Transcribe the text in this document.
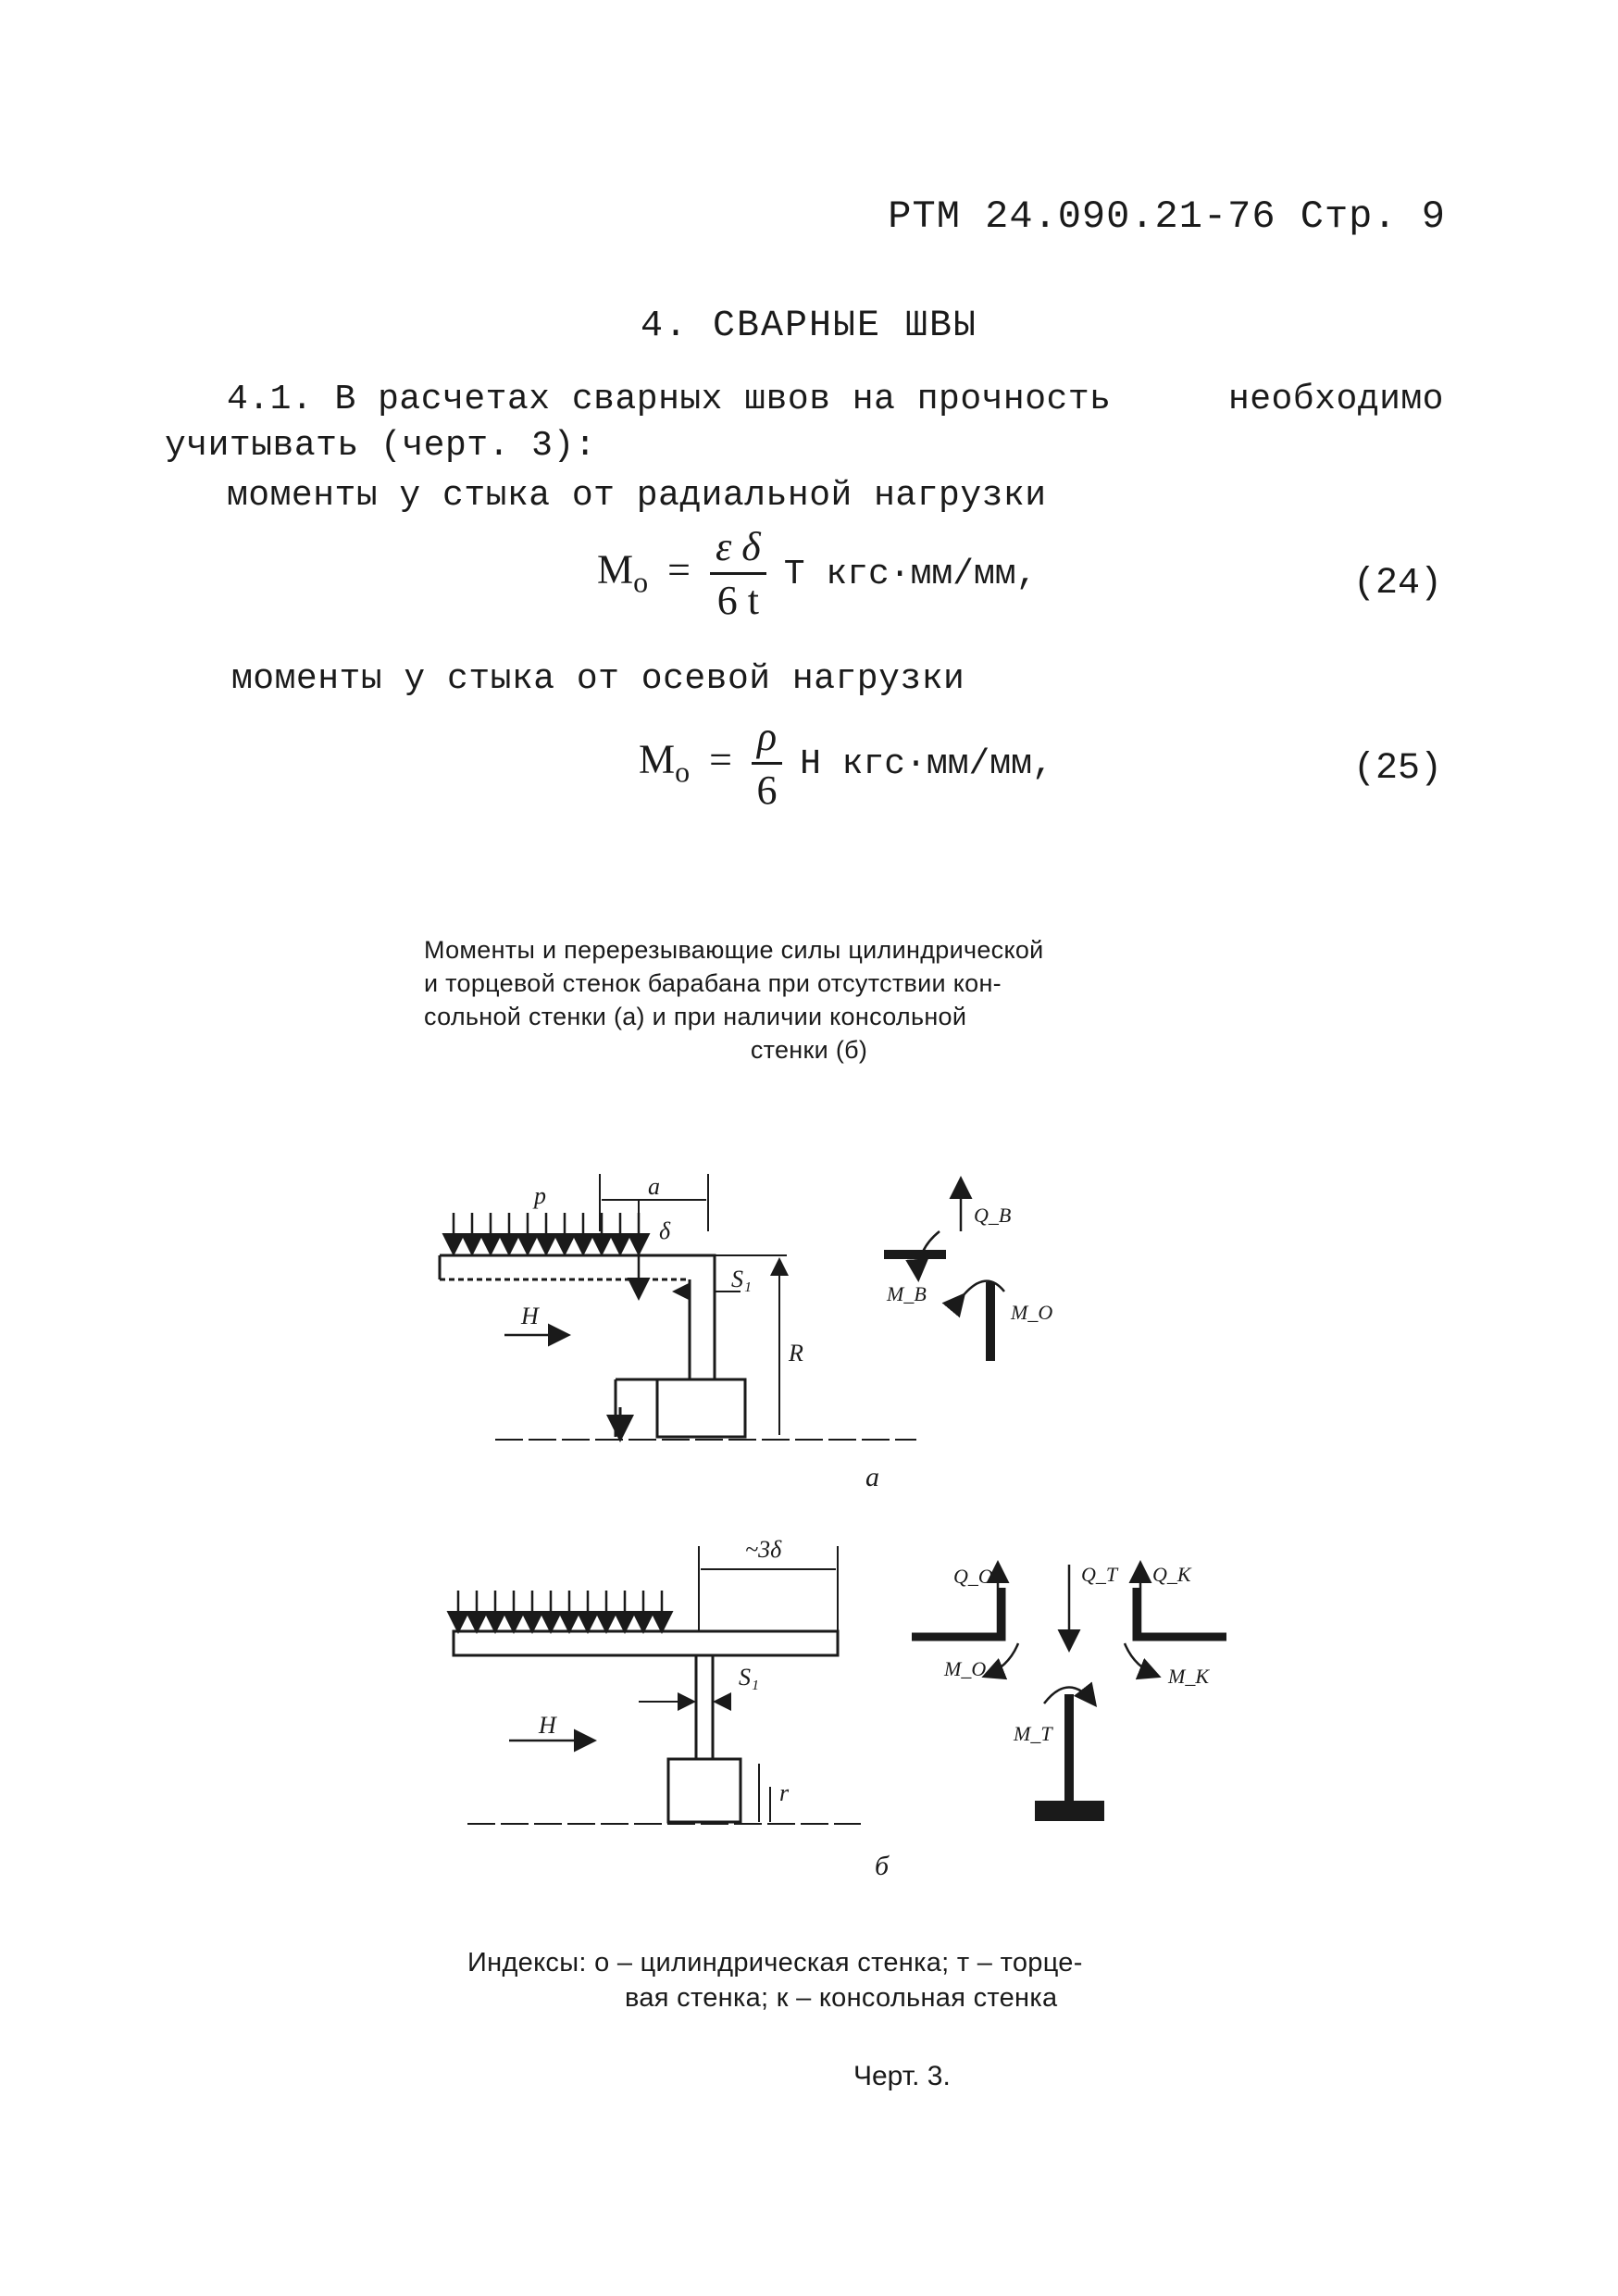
РТМ 24.090.21-76 Стр. 9
4. СВАРНЫЕ ШВЫ
4.1. В расчетах сварных швов на прочность	необходимо
учитывать (черт. 3):
моменты у стыка от радиальной нагрузки
$M_o = \frac{\text{ε δ}}{6 t}$ T кгс·мм/мм,	(24)
моменты у стыка от осевой нагрузки
$M_o = \frac{\rho}{6}$ H кгс·мм/мм,	(25)
Моменты и перерезывающие силы цилиндрической
и торцевой стенок барабана при отсутствии кон-
сольной стенки (а) и при наличии консольной
стенки (б)
p	a
δ
S₁
H
R
Q_B
M_B
M_O
а
~3δ
S₁
H
r
Q_O	Q_T Q_K
M_O
M_T
M_K
б
Индексы: о – цилиндрическая стенка; т – торце-
вая стенка; к – консольная стенка
Черт. 3.
